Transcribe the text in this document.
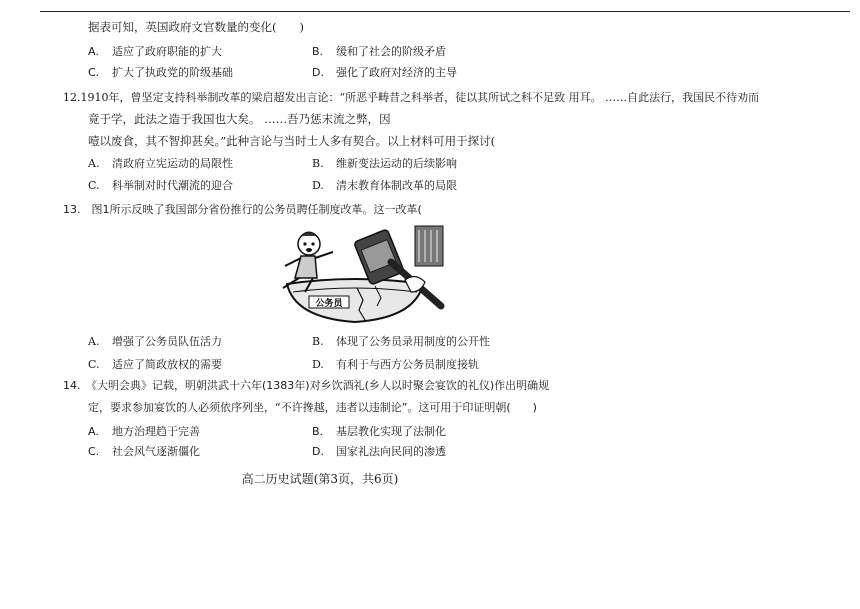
据表可知，英国政府文官数量的变化(　　)
A. 适应了政府职能的扩大	B. 缓和了社会的阶级矛盾
C. 扩大了执政党的阶级基础	D. 强化了政府对经济的主导
12.1910年，曾坚定支持科举制改革的梁启超发出言论：“所恶乎畴昔之科举者，徒以其所试之科不足致 用耳。 ……自此法行，我国民不待劝而
竟于学，此法之造于我国也大矣。 ……吾乃惩末流之弊，因
噎以废食，其不智抑甚矣。”此种言论与当时士人多有契合。以上材料可用于探讨(
A. 清政府立宪运动的局限性	B. 维新变法运动的后续影响
C. 科举制对时代潮流的迎合	D. 清末教育体制改革的局限
13.　图1所示反映了我国部分省份推行的公务员聘任制度改革。这一改革(
公务员
A. 增强了公务员队伍活力	B. 体现了公务员录用制度的公开性
C. 适应了简政放权的需要	D. 有利于与西方公务员制度接轨
14.　《大明会典》记载，明朝洪武十六年(1383年)对乡饮酒礼(乡人以时聚会宴饮的礼仪)作出明确规
定，要求参加宴饮的人必须依序列坐，“不许搀越，违者以违制论”。这可用于印证明朝(　　)
A. 地方治理趋于完善	B. 基层教化实现了法制化
C. 社会风气逐渐僵化	D. 国家礼法向民间的渗透
高二历史试题(第3页，共6页)
